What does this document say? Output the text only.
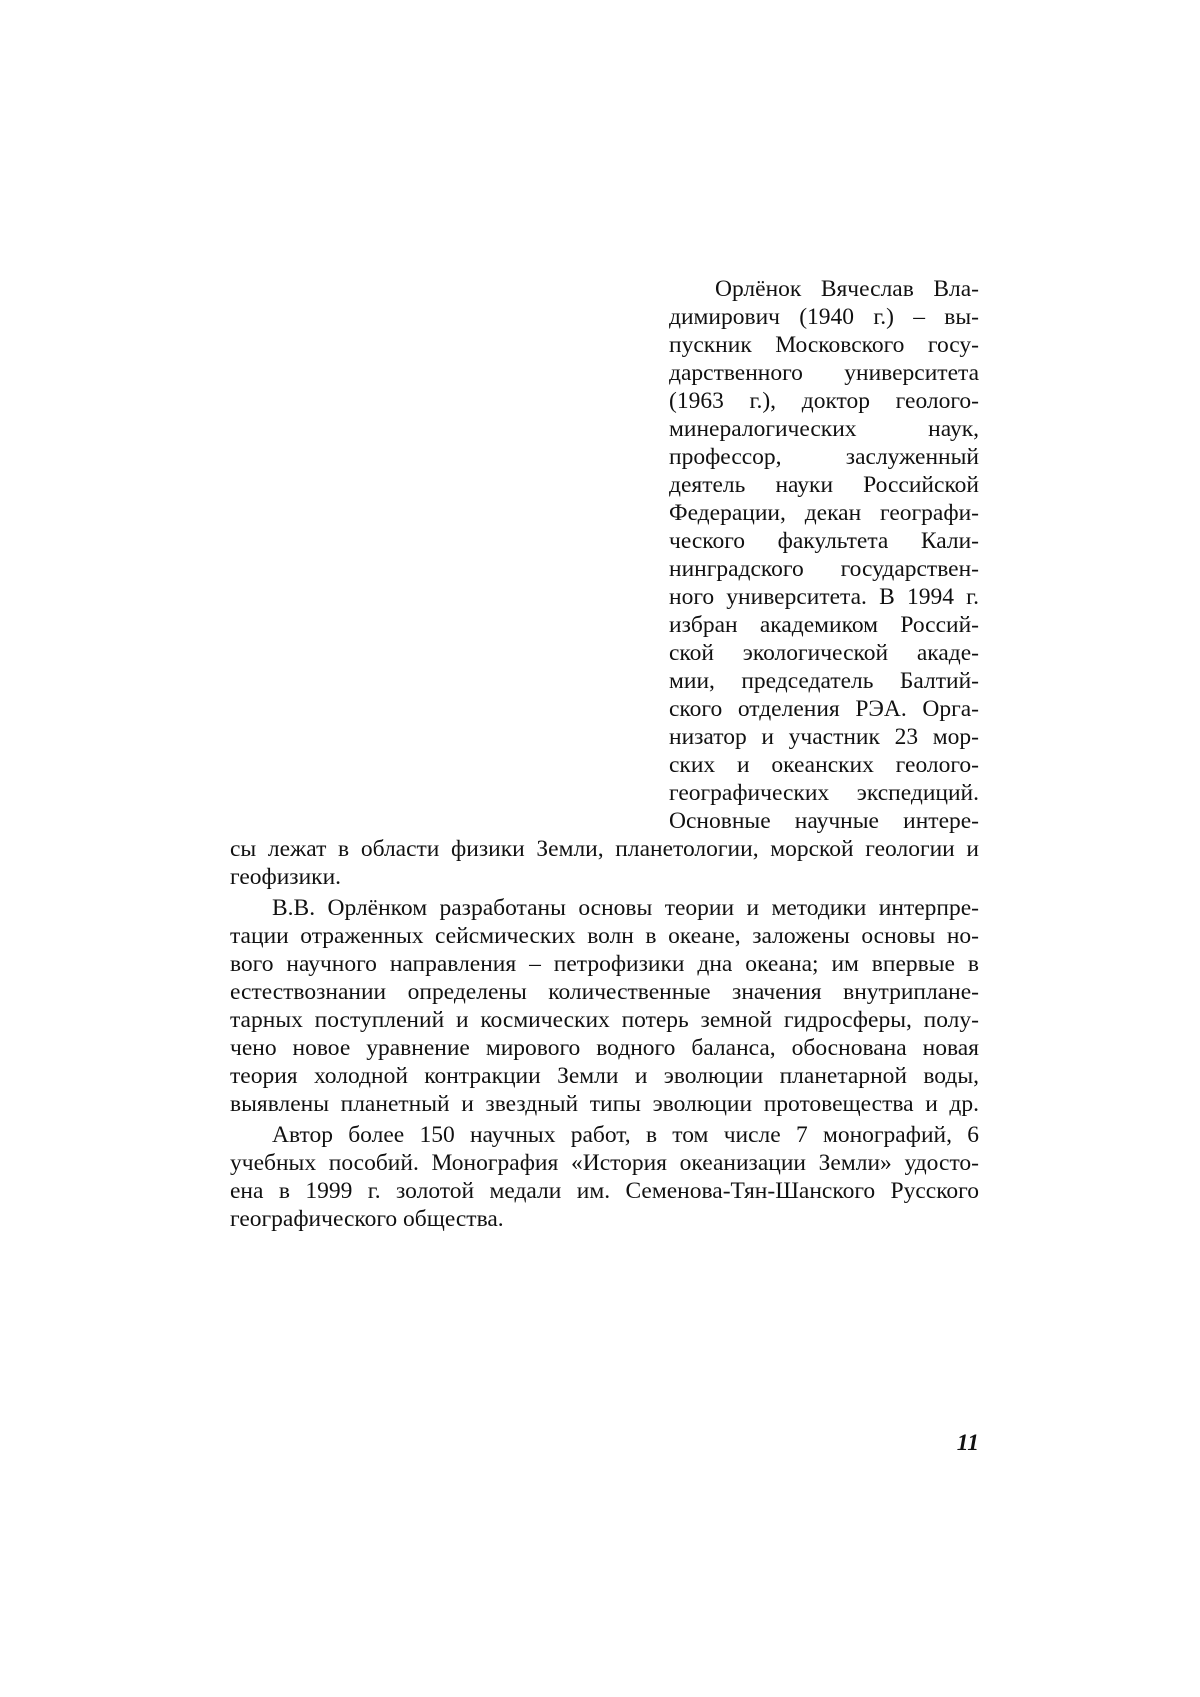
Орлёнок Вячеслав Вла-

димирович (1940 г.) – вы-

пускник Московского госу-

дарственного университета

(1963 г.), доктор геолого-

минералогических наук,

профессор, заслуженный

деятель науки Российской

Федерации, декан географи-

ческого факультета Кали-

нинградского государствен-

ного университета. В 1994 г.

избран академиком Россий-

ской экологической акаде-

мии, председатель Балтий-

ского отделения РЭА. Орга-

низатор и участник 23 мор-

ских и океанских геолого-

географических экспедиций.

Основные научные интере-

сы лежат в области физики Земли, планетологии, морской геологии и

геофизики.

В.В. Орлёнком разработаны основы теории и методики интерпре-

тации отраженных сейсмических волн в океане, заложены основы но-

вого научного направления – петрофизики дна океана; им впервые в

естествознании определены количественные значения внутриплане-

тарных поступлений и космических потерь земной гидросферы, полу-

чено новое уравнение мирового водного баланса, обоснована новая

теория холодной контракции Земли и эволюции планетарной воды,

выявлены планетный и звездный типы эволюции протовещества и др.

Автор более 150 научных работ, в том числе 7 монографий, 6

учебных пособий. Монография «История океанизации Земли» удосто-

ена в 1999 г. золотой медали им. Семенова-Тян-Шанского Русского

географического общества.

11
